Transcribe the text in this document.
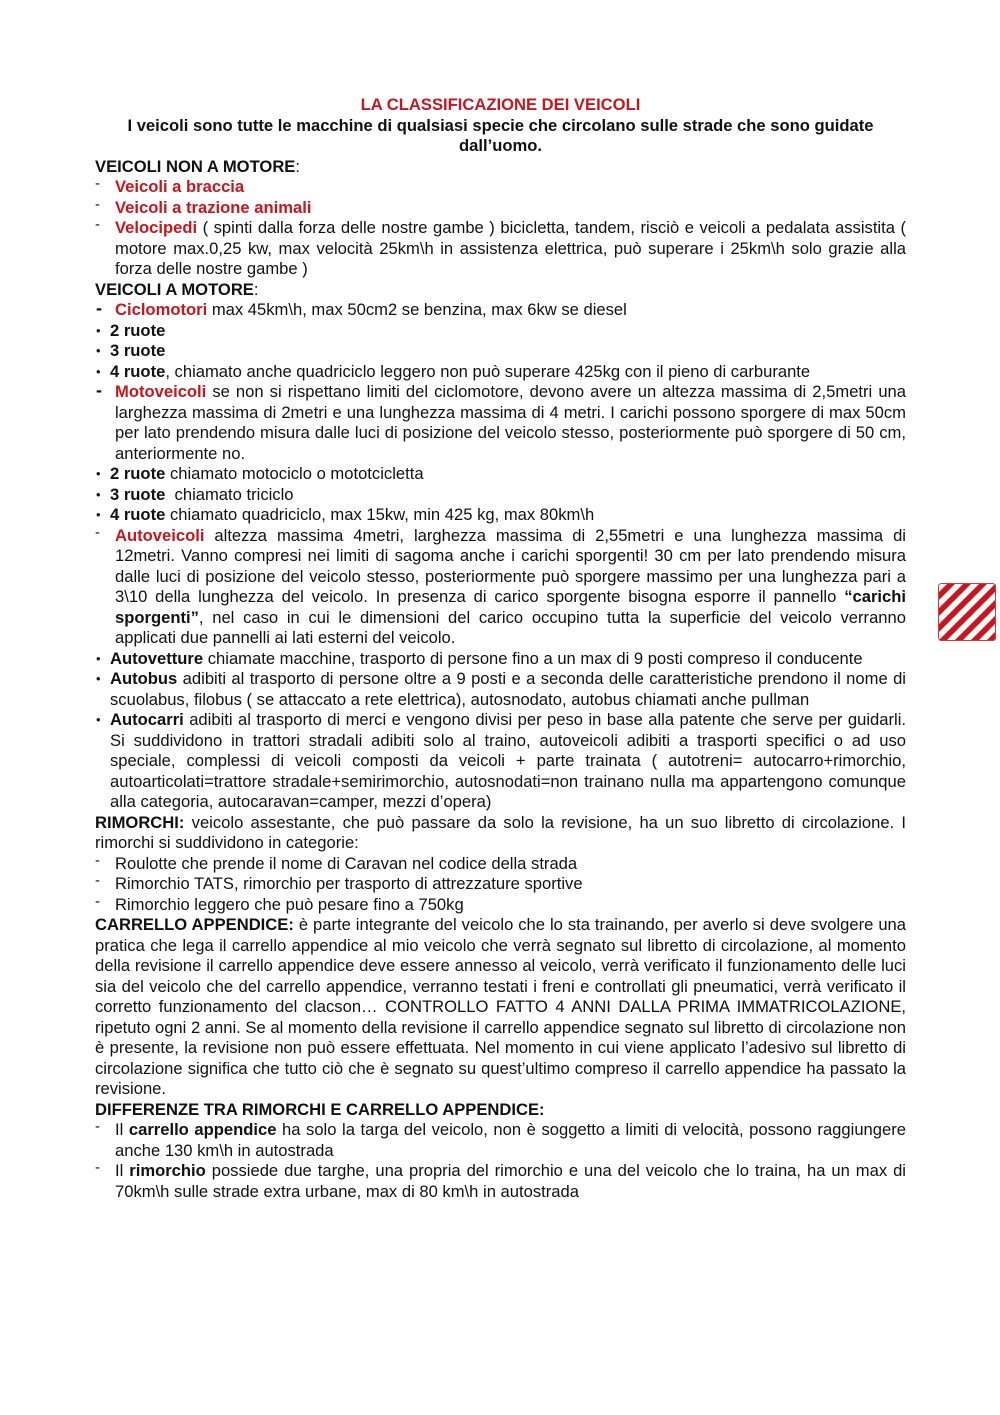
LA CLASSIFICAZIONE DEI VEICOLI
I veicoli sono tutte le macchine di qualsiasi specie che circolano sulle strade che sono guidate dall’uomo.
VEICOLI NON A MOTORE:
- Veicoli a braccia
- Veicoli a trazione animali
- Velocipedi ( spinti dalla forza delle nostre gambe ) bicicletta, tandem, risciò e veicoli a pedalata assistita ( motore max.0,25 kw, max velocità 25km\h in assistenza elettrica, può superare i 25km\h solo grazie alla forza delle nostre gambe )
VEICOLI A MOTORE:
- Ciclomotori max 45km\h, max 50cm2 se benzina, max 6kw se diesel
• 2 ruote
• 3 ruote
• 4 ruote, chiamato anche quadriciclo leggero non può superare 425kg con il pieno di carburante
- Motoveicoli se non si rispettano limiti del ciclomotore, devono avere un altezza massima di 2,5metri una larghezza massima di 2metri e una lunghezza massima di 4 metri. I carichi possono sporgere di max 50cm per lato prendendo misura dalle luci di posizione del veicolo stesso, posteriormente può sporgere di 50 cm, anteriormente no.
• 2 ruote chiamato motociclo o mototcicletta
• 3 ruote  chiamato triciclo
• 4 ruote chiamato quadriciclo, max 15kw, min 425 kg, max 80km\h
- Autoveicoli altezza massima 4metri, larghezza massima di 2,55metri e una lunghezza massima di 12metri. Vanno compresi nei limiti di sagoma anche i carichi sporgenti! 30 cm per lato prendendo misura dalle luci di posizione del veicolo stesso, posteriormente può sporgere massimo per una lunghezza pari a 3\10 della lunghezza del veicolo. In presenza di carico sporgente bisogna esporre il pannello “carichi sporgenti”, nel caso in cui le dimensioni del carico occupino tutta la superficie del veicolo verranno applicati due pannelli ai lati esterni del veicolo.
• Autovetture chiamate macchine, trasporto di persone fino a un max di 9 posti compreso il conducente
• Autobus adibiti al trasporto di persone oltre a 9 posti e a seconda delle caratteristiche prendono il nome di scuolabus, filobus ( se attaccato a rete elettrica), autosnodato, autobus chiamati anche pullman
• Autocarri adibiti al trasporto di merci e vengono divisi per peso in base alla patente che serve per guidarli. Si suddividono in trattori stradali adibiti solo al traino, autoveicoli adibiti a trasporti specifici o ad uso speciale, complessi di veicoli composti da veicoli + parte trainata ( autotreni= autocarro+rimorchio, autoarticolati=trattore stradale+semirimorchio, autosnodati=non trainano nulla ma appartengono comunque alla categoria, autocaravan=camper, mezzi d’opera)
RIMORCHI: veicolo assestante, che può passare da solo la revisione, ha un suo libretto di circolazione. I rimorchi si suddividono in categorie:
- Roulotte che prende il nome di Caravan nel codice della strada
- Rimorchio TATS, rimorchio per trasporto di attrezzature sportive
- Rimorchio leggero che può pesare fino a 750kg
CARRELLO APPENDICE: è parte integrante del veicolo che lo sta trainando, per averlo si deve svolgere una pratica che lega il carrello appendice al mio veicolo che verrà segnato sul libretto di circolazione, al momento della revisione il carrello appendice deve essere annesso al veicolo, verrà verificato il funzionamento delle luci sia del veicolo che del carrello appendice, verranno testati i freni e controllati gli pneumatici, verrà verificato il corretto funzionamento del clacson… CONTROLLO FATTO 4 ANNI DALLA PRIMA IMMATRICOLAZIONE, ripetuto ogni 2 anni. Se al momento della revisione il carrello appendice segnato sul libretto di circolazione non è presente, la revisione non può essere effettuata. Nel momento in cui viene applicato l’adesivo sul libretto di circolazione significa che tutto ciò che è segnato su quest’ultimo compreso il carrello appendice ha passato la revisione.
DIFFERENZE TRA RIMORCHI E CARRELLO APPENDICE:
- Il carrello appendice ha solo la targa del veicolo, non è soggetto a limiti di velocità, possono raggiungere anche 130 km\h in autostrada
- Il rimorchio possiede due targhe, una propria del rimorchio e una del veicolo che lo traina, ha un max di 70km\h sulle strade extra urbane, max di 80 km\h in autostrada
